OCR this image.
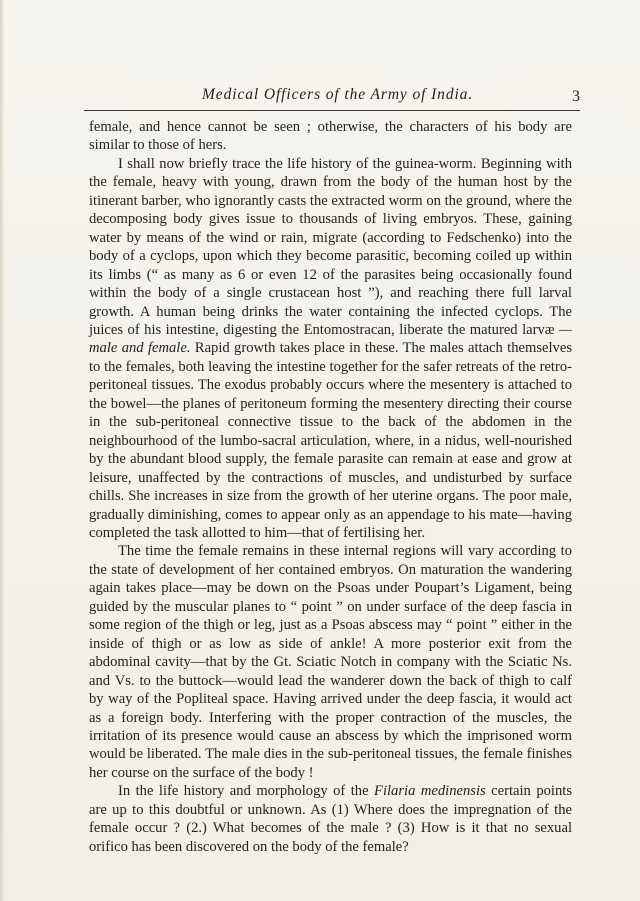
Medical Officers of the Army of India.	3

female, and hence cannot be seen ; otherwise, the characters of his body are similar to those of hers.

I shall now briefly trace the life history of the guinea-worm. Beginning with the female, heavy with young, drawn from the body of the human host by the itinerant barber, who ignorantly casts the extracted worm on the ground, where the decomposing body gives issue to thousands of living embryos. These, gaining water by means of the wind or rain, migrate (according to Fedschenko) into the body of a cyclops, upon which they become parasitic, becoming coiled up within its limbs (“ as many as 6 or even 12 of the parasites being occasionally found within the body of a single crustacean host ”), and reaching there full larval growth. A human being drinks the water containing the infected cyclops. The juices of his intestine, digesting the Entomostracan, liberate the matured larvæ —male and female. Rapid growth takes place in these. The males attach themselves to the females, both leaving the intestine together for the safer retreats of the retro-peritoneal tissues. The exodus probably occurs where the mesentery is attached to the bowel—the planes of peritoneum forming the mesentery directing their course in the sub-peritoneal connective tissue to the back of the abdomen in the neighbourhood of the lumbo-sacral articulation, where, in a nidus, well-nourished by the abundant blood supply, the female parasite can remain at ease and grow at leisure, unaffected by the contractions of muscles, and undisturbed by surface chills. She increases in size from the growth of her uterine organs. The poor male, gradually diminishing, comes to appear only as an appendage to his mate—having completed the task allotted to him—that of fertilising her.

The time the female remains in these internal regions will vary according to the state of development of her contained embryos. On maturation the wandering again takes place—may be down on the Psoas under Poupart’s Ligament, being guided by the muscular planes to “ point ” on under surface of the deep fascia in some region of the thigh or leg, just as a Psoas abscess may “ point ” either in the inside of thigh or as low as side of ankle! A more posterior exit from the abdominal cavity—that by the Gt. Sciatic Notch in company with the Sciatic Ns. and Vs. to the buttock—would lead the wanderer down the back of thigh to calf by way of the Popliteal space. Having arrived under the deep fascia, it would act as a foreign body. Interfering with the proper contraction of the muscles, the irritation of its presence would cause an abscess by which the imprisoned worm would be liberated. The male dies in the sub-peritoneal tissues, the female finishes her course on the surface of the body !

In the life history and morphology of the Filaria medinensis certain points are up to this doubtful or unknown. As (1) Where does the impregnation of the female occur ? (2.) What becomes of the male ? (3) How is it that no sexual orifico has been discovered on the body of the female?
